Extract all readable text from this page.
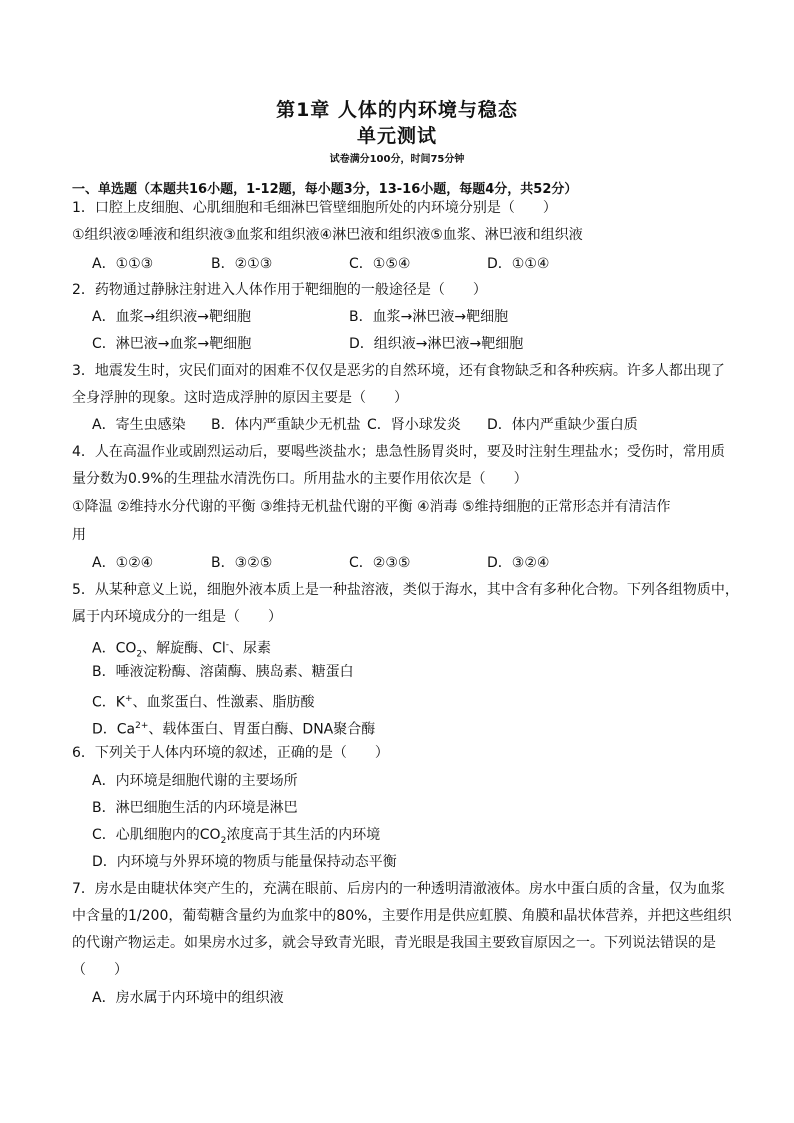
第1章 人体的内环境与稳态
单元测试
试卷满分100分，时间75分钟
一、单选题（本题共16小题，1-12题，每小题3分，13-16小题，每题4分，共52分）
1．口腔上皮细胞、心肌细胞和毛细淋巴管壁细胞所处的内环境分别是（　　）
①组织液②唾液和组织液③血浆和组织液④淋巴液和组织液⑤血浆、淋巴液和组织液
A．①①③	B．②①③	C．①⑤④	D．①①④
2．药物通过静脉注射进入人体作用于靶细胞的一般途径是（　　）
A．血浆→组织液→靶细胞	B．血浆→淋巴液→靶细胞
C．淋巴液→血浆→靶细胞	D．组织液→淋巴液→靶细胞
3．地震发生时，灾民们面对的困难不仅仅是恶劣的自然环境，还有食物缺乏和各种疾病。许多人都出现了
全身浮肿的现象。这时造成浮肿的原因主要是（　　）
A．寄生虫感染 B．体内严重缺少无机盐 C．肾小球发炎 D．体内严重缺少蛋白质
4．人在高温作业或剧烈运动后，要喝些淡盐水；患急性肠胃炎时，要及时注射生理盐水；受伤时，常用质
量分数为0.9%的生理盐水清洗伤口。所用盐水的主要作用依次是（　　）
①降温 ②维持水分代谢的平衡 ③维持无机盐代谢的平衡 ④消毒 ⑤维持细胞的正常形态并有清洁作
用
A．①②④	B．③②⑤	C．②③⑤	D．③②④
5．从某种意义上说，细胞外液本质上是一种盐溶液，类似于海水，其中含有多种化合物。下列各组物质中，
属于内环境成分的一组是（　　）
A．$CO_2$、解旋酶、Cl-、尿素
B．唾液淀粉酶、溶菌酶、胰岛素、糖蛋白
C．K+、血浆蛋白、性激素、脂肪酸
D．$Ca^{2+}$、载体蛋白、胃蛋白酶、DNA聚合酶
6．下列关于人体内环境的叙述，正确的是（　　）
A．内环境是细胞代谢的主要场所
B．淋巴细胞生活的内环境是淋巴
C．心肌细胞内的$CO_2$浓度高于其生活的内环境
D．内环境与外界环境的物质与能量保持动态平衡
7．房水是由睫状体突产生的，充满在眼前、后房内的一种透明清澈液体。房水中蛋白质的含量，仅为血浆
中含量的1/200，葡萄糖含量约为血浆中的80%，主要作用是供应虹膜、角膜和晶状体营养，并把这些组织
的代谢产物运走。如果房水过多，就会导致青光眼，青光眼是我国主要致盲原因之一。下列说法错误的是
（　　）
A．房水属于内环境中的组织液
